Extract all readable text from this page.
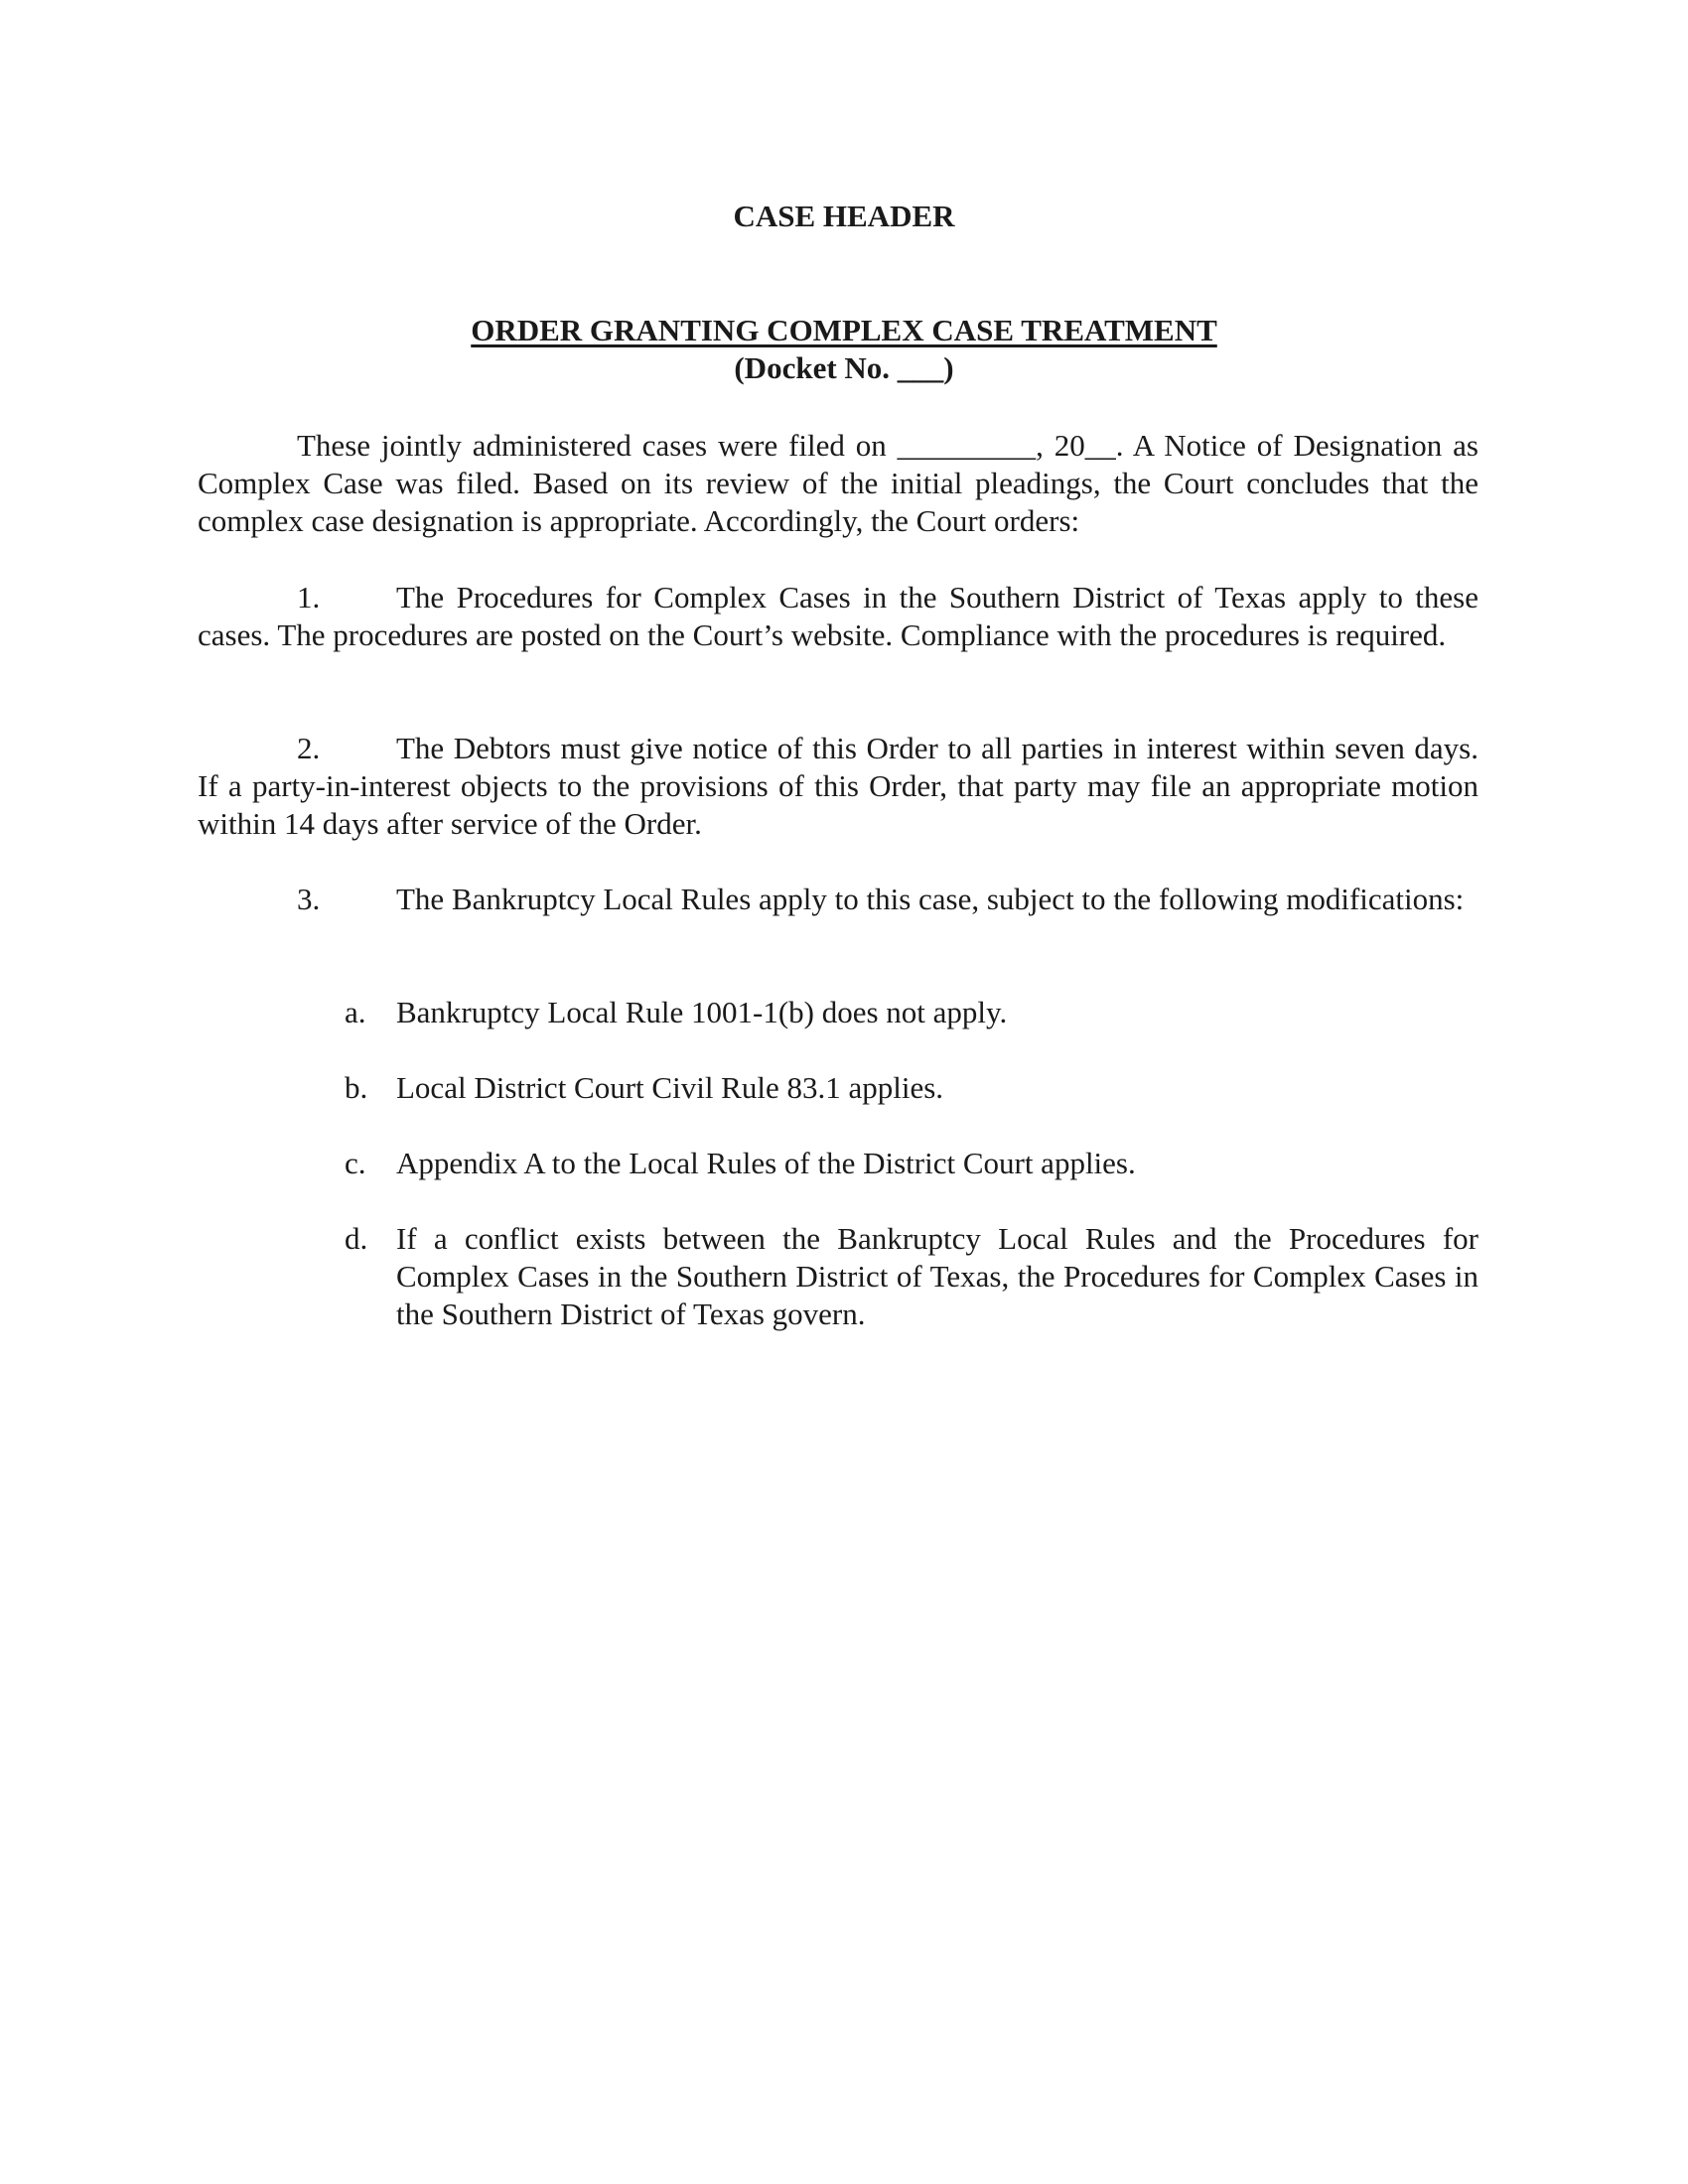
CASE HEADER
ORDER GRANTING COMPLEX CASE TREATMENT
(Docket No. ___)
These jointly administered cases were filed on _________, 20__. A Notice of Designation as Complex Case was filed. Based on its review of the initial pleadings, the Court concludes that the complex case designation is appropriate. Accordingly, the Court orders:
1. The Procedures for Complex Cases in the Southern District of Texas apply to these cases. The procedures are posted on the Court’s website. Compliance with the procedures is required.
2. The Debtors must give notice of this Order to all parties in interest within seven days. If a party-in-interest objects to the provisions of this Order, that party may file an appropriate motion within 14 days after service of the Order.
3. The Bankruptcy Local Rules apply to this case, subject to the following modifications:
a. Bankruptcy Local Rule 1001-1(b) does not apply.
b. Local District Court Civil Rule 83.1 applies.
c. Appendix A to the Local Rules of the District Court applies.
d. If a conflict exists between the Bankruptcy Local Rules and the Procedures for Complex Cases in the Southern District of Texas, the Procedures for Complex Cases in the Southern District of Texas govern.
